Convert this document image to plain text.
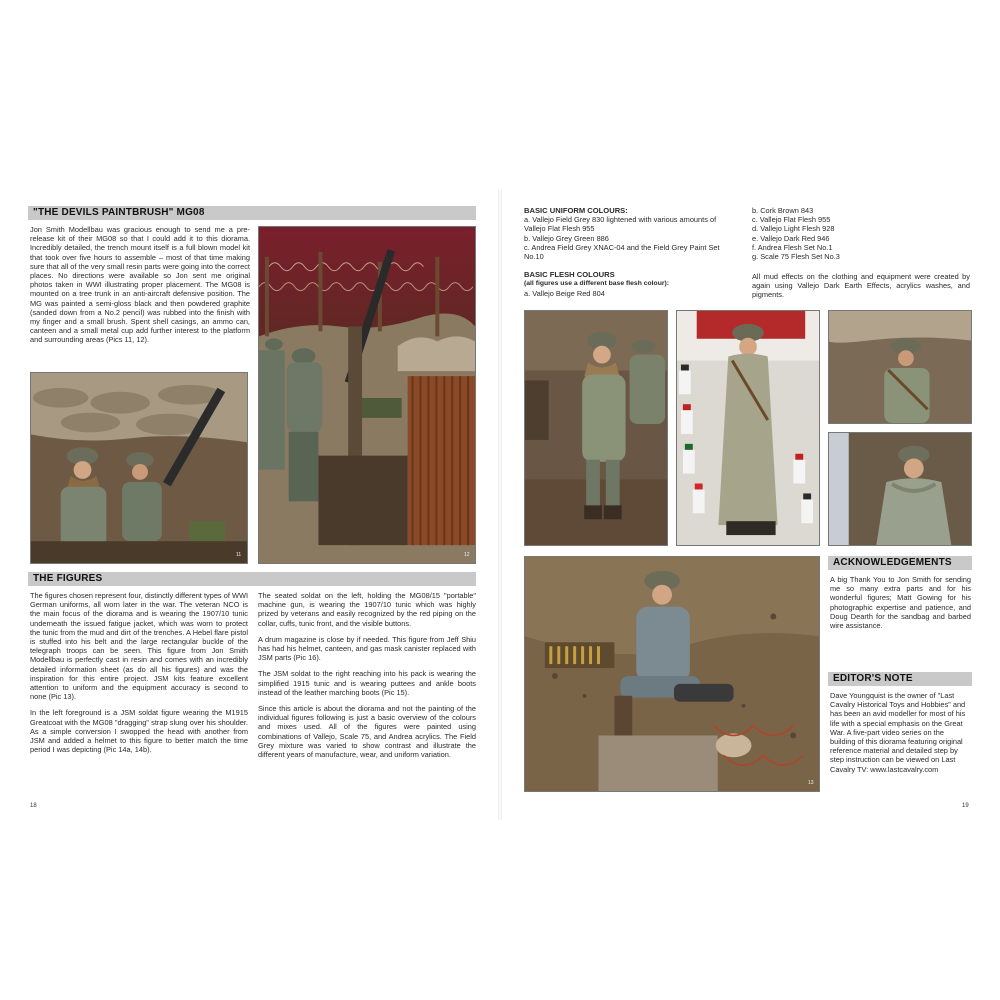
"THE DEVILS PAINTBRUSH" MG08
Jon Smith Modellbau was gracious enough to send me a pre-release kit of their MG08 so that I could add it to this diorama. Incredibly detailed, the trench mount itself is a full blown model kit that took over five hours to assemble – most of that time making sure that all of the very small resin parts were going into the correct places. No directions were available so Jon sent me original photos taken in WWI illustrating proper placement. The MG08 is mounted on a tree trunk in an anti-aircraft defensive position. The MG was painted a semi-gloss black and then powdered graphite (sanded down from a No.2 pencil) was rubbed into the finish with my finger and a small brush. Spent shell casings, an ammo can, canteen and a small metal cup add further interest to the platform and surrounding areas (Pics 11, 12).
12
11
THE FIGURES

The figures chosen represent four, distinctly different types of WWI German uniforms, all worn later in the war. The veteran NCO is the main focus of the diorama and is wearing the 1907/10 tunic underneath the issued fatigue jacket, which was worn to protect the tunic from the mud and dirt of the trenches. A Hebel flare pistol is stuffed into his belt and the large rectangular buckle of the telegraph troops can be seen. This figure from Jon Smith Modellbau is perfectly cast in resin and comes with an incredibly detailed information sheet (as do all his figures) and was the inspiration for this entire project. JSM kits feature excellent attention to uniform and the equipment accuracy is second to none (Pic 13).

In the left foreground is a JSM soldat figure wearing the M1915 Greatcoat with the MG08 "dragging" strap slung over his shoulder. As a simple conversion I swopped the head with another from JSM and added a helmet to this figure to better match the time period I was depicting (Pic 14a, 14b).

The seated soldat on the left, holding the MG08/15 "portable" machine gun, is wearing the 1907/10 tunic which was highly prized by veterans and easily recognized by the red piping on the collar, cuffs, tunic front, and the visible buttons.

A drum magazine is close by if needed. This figure from Jeff Shiu has had his helmet, canteen, and gas mask canister replaced with JSM parts (Pic 16).

The JSM soldat to the right reaching into his pack is wearing the simplified 1915 tunic and is wearing puttees and ankle boots instead of the leather marching boots (Pic 15).

Since this article is about the diorama and not the painting of the individual figures following is just a basic overview of the colours and mixes used. All of the figures were painted using combinations of Vallejo, Scale 75, and Andrea acrylics. The Field Grey mixture was varied to show contrast and illustrate the different years of manufacture, wear, and uniform variation.

18
BASIC UNIFORM COLOURS:
a. Vallejo Field Grey 830 lightened with various amounts of
Vallejo Flat Flesh 955
b. Vallejo Grey Green 886
c. Andrea Field Grey XNAC-04 and the Field Grey Paint Set
No.10
BASIC FLESH COLOURS
(all figures use a different base flesh colour):
a. Vallejo Beige Red 804
b. Cork Brown 843
c. Vallejo Flat Flesh 955
d. Vallejo Light Flesh 928
e. Vallejo Dark Red 946
f. Andrea Flesh Set No.1
g. Scale 75 Flesh Set No.3
All mud effects on the clothing and equipment were created by again using Vallejo Dark Earth Effects, acrylics washes, and pigments.
13
ACKNOWLEDGEMENTS
A big Thank You to Jon Smith for sending me so many extra parts and for his wonderful figures; Matt Gowing for his photographic expertise and patience, and Doug Dearth for the sandbag and barbed wire assistance.
EDITOR'S NOTE
Dave Youngquist is the owner of "Last Cavalry Historical Toys and Hobbies" and has been an avid modeller for most of his life with a special emphasis on the Great War. A five-part video series on the building of this diorama featuring original reference material and detailed step by step instruction can be viewed on Last Cavalry TV: www.lastcavalry.com
19
